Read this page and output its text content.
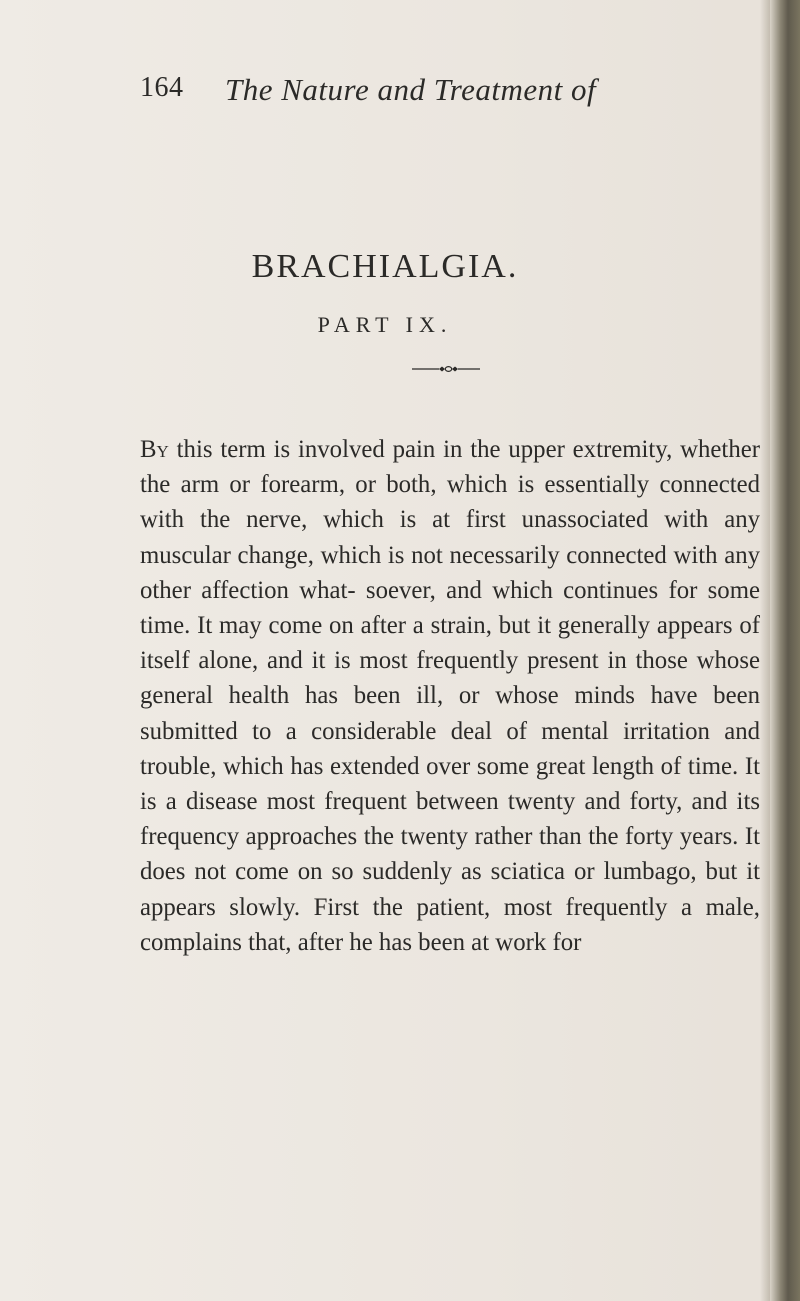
164 The Nature and Treatment of
BRACHIALGIA.
PART IX.

By this term is involved pain in the upper extremity, whether the arm or forearm, or both, which is essentially connected with the nerve, which is at first unassociated with any muscular change, which is not necessarily connected with any other affection what- soever, and which continues for some time. It may come on after a strain, but it generally appears of itself alone, and it is most frequently present in those whose general health has been ill, or whose minds have been submitted to a considerable deal of mental irritation and trouble, which has extended over some great length of time. It is a disease most frequent between twenty and forty, and its frequency approaches the twenty rather than the forty years. It does not come on so suddenly as sciatica or lumbago, but it appears slowly. First the patient, most frequently a male, complains that, after he has been at work for
